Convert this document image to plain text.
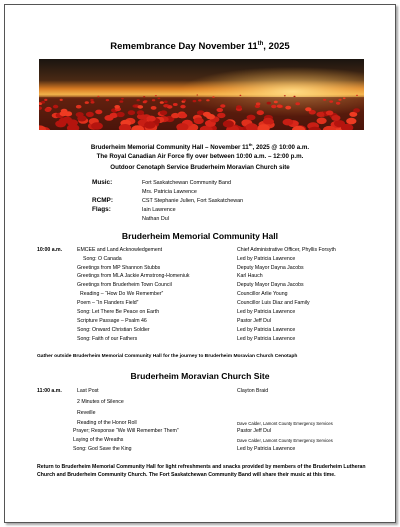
Remembrance Day November 11th, 2025
Bruderheim Memorial Community Hall – November 11th, 2025 @ 10:00 a.m.
The Royal Canadian Air Force fly over between 10:00 a.m. – 12:00 p.m.
Outdoor Cenotaph Service Bruderheim Moravian Church site
Music:	Fort Saskatchewan Community Band
Mrs. Patricia Lawrence
RCMP:	CST Stephanie Julien, Fort Saskatchewan
Flags:	Iain Lawrence
Nathan Dul
Bruderheim Memorial Community Hall
10:00 a.m.	EMCEE and Land Acknowledgement	Chief Administrative Officer, Phyllis Forsyth
Song: O Canada	Led by Patricia Lawrence
Greetings from MP Shannon Stubbs	Deputy Mayor Dayna Jacobs
Greetings from MLA Jackie Armstrong-Homeniuk	Karl Hauch
Greetings from Bruderheim Town Council	Deputy Mayor Dayna Jacobs
Reading – “How Do We Remember”	Councillor Arlie Young
Poem – “In Flanders Field”	Councillor Luis Diaz and Family
Song: Let There Be Peace on Earth	Led by Patricia Lawrence
Scripture Passage – Psalm 46	Pastor Jeff Dul
Song: Onward Christian Soldier	Led by Patricia Lawrence
Song: Faith of our Fathers	Led by Patricia Lawrence
Gather outside Bruderheim Memorial Community Hall for the journey to Bruderheim Moravian Church Cenotaph
Bruderheim Moravian Church Site
11:00 a.m.	Last Post	Clayton Braid
2 Minutes of Silence
Reveille
Reading of the Honor Roll	Dave Calder, Lamont County Emergency Services
Prayer; Response “We Will Remember Them”	Pastor Jeff Dul
Laying of the Wreaths	Dave Calder, Lamont County Emergency Services
Song: God Save the King	Led by Patricia Lawrence
Return to Bruderheim Memorial Community Hall for light refreshments and snacks provided by members of the Bruderheim Lutheran Church and Bruderheim Community Church. The Fort Saskatchewan Community Band will share their music at this time.
